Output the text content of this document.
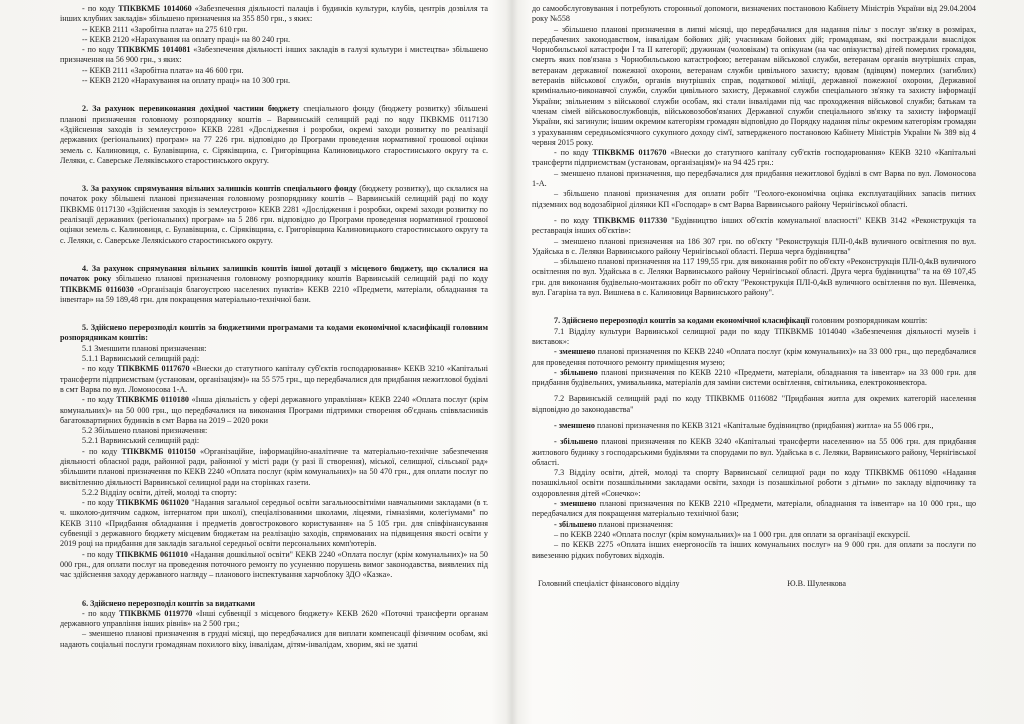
- по коду ТПКВКМБ 1014060 «Забезпечення діяльності палаців і будинків культури, клубів, центрів дозвілля та інших клубних закладів» збільшено призначення на 355 850 грн., з яких:

-- КЕКВ 2111 «Заробітна плата» на 275 610 грн.

-- КЕКВ 2120 «Нарахування на оплату праці» на 80 240 грн.

- по коду ТПКВКМБ 1014081 «Забезпечення діяльності інших закладів в галузі культури і мистецтва» збільшено призначення на 56 900 грн., з яких:

-- КЕКВ 2111 «Заробітна плата» на 46 600 грн.

-- КЕКВ 2120 «Нарахування на оплату праці» на 10 300 грн.

2. За рахунок перевиконання дохідної частини бюджету спеціального фонду (бюджету розвитку) збільшені планові призначення головному розпоряднику коштів – Варвинській селищній раді по коду ПКВКМБ 0117130 «Здійснення заходів із землеустрою» КЕКВ 2281 «Дослідження і розробки, окремі заходи розвитку по реалізації державних (регіональних) програм» на 77 226 грн. відповідно до Програми проведення нормативної грошової оцінки земель с. Калиновиця, с. Булавівщина, с. Сіряківщина, с. Григорівщина Калиновицького старостинського округу та с. Леляки, с. Саверське Леляківського старостинського округу.

3. За рахунок спрямування вільних залишків коштів спеціального фонду (бюджету розвитку), що склалися на початок року збільшені планові призначення головному розпоряднику коштів – Варвинській селищній раді по коду ПКВКМБ 0117130 «Здійснення заходів із землеустрою» КЕКВ 2281 «Дослідження і розробки, окремі заходи розвитку по реалізації державних (регіональних) програм» на 5 286 грн. відповідно до Програми проведення нормативної грошової оцінки земель с. Калиновиця, с. Булавівщина, с. Сіряківщина, с. Григорівщина Калиновицького старостинського округу та с. Леляки, с. Саверське Лелякіського старостинського округу.

4. За рахунок спрямування вільних залишків коштів іншої дотації з місцевого бюджету, що склалися на початок року збільшено планові призначення головному розпоряднику коштів Варвинській селищній раді по коду ТПКВКМБ 0116030 «Організація благоустрою населених пунктів» КЕКВ 2210 «Предмети, матеріали, обладнання та інвентар» на 59 189,48 грн. для покращення матеріально-технічної бази.

5. Здійснено перерозподіл коштів за бюджетними програмами та кодами економічної класифікації головним розпорядникам коштів:

5.1 Зменшити планові призначення:

5.1.1 Варвинський селищній раді:

- по коду ТПКВКМБ 0117670 «Внески до статутного капіталу суб'єктів господарювання» КЕКВ 3210 «Капітальні трансферти підприємствам (установам, організаціям)» на 55 575 грн., що передбачалися для придбання нежитлової будівлі в смт Варва по вул. Ломоносова 1-А.

- по коду ТПКВКМБ 0110180 «Інша діяльність у сфері державного управління» КЕКВ 2240 «Оплата послуг (крім комунальних)» на 50 000 грн., що передбачалися на виконання Програми підтримки створення об'єднань співвласників багатоквартирних будинків в смт Варва на 2019 – 2020 роки

5.2 Збільшено планові призначення:

5.2.1 Варвинський селищній раді:

- по коду ТПКВКМБ 0110150 «Організаційне, інформаційно-аналітичне та матеріально-технічне забезпечення діяльності обласної ради, районної ради, районної у місті ради (у разі її створення), міської, селищної, сільської рад» збільшити планові призначення по КЕКВ 2240 «Оплата послуг (крім комунальних)» на 50 470 грн., для оплати послуг по висвітленню діяльності Варвинської селищної ради на сторінках газети.

5.2.2 Відділу освіти, дітей, молоді та спорту:

- по коду ТПКВКМБ 0611020 "Надання загальної середньої освіти загальноосвітніми навчальними закладами (в т. ч. школою-дитячим садком, інтернатом при школі), спеціалізованими школами, ліцеями, гімназіями, колегіумами" по КЕКВ 3110 «Придбання обладнання і предметів довгострокового користування» на 5 105 грн. для співфінансування субвенції з державного бюджету місцевим бюджетам на реалізацію заходів, спрямованих на підвищення якості освіти у 2019 році на придбання для закладів загальної середньої освіти персональних комп'ютерів.

- по коду ТПКВКМБ 0611010 «Надання дошкільної освіти" КЕКВ 2240 «Оплата послуг (крім комунальних)» на 50 000 грн., для оплати послуг на проведення поточного ремонту по усуненню порушень вимог законодавства, виявлених під час здійснення заходу державного нагляду – планового інспектування харчоблоку ЗДО «Казка».

6. Здійснено перерозподіл коштів за видатками

- по коду ТПКВКМБ 0119770 «Інші субвенції з місцевого бюджету» КЕКВ 2620 «Поточні трансферти органам державного управління інших рівнів» на 2 500 грн.;

– зменшено планові призначення в грудні місяці, що передбачалися для виплати компенсації фізичним особам, які надають соціальні послуги громадянам похилого віку, інвалідам, дітям-інвалідам, хворим, які не здатні

до самообслуговування і потребують сторонньої допомоги, визначених постановою Кабінету Міністрів України від 29.04.2004 року №558

– збільшено планові призначення в липні місяці, що передбачалися для надання пільг з послуг зв'язку в розмірах, передбачених законодавством, інвалідам бойових дій; учасникам бойових дій; громадянам, які постраждали внаслідок Чорнобильської катастрофи І та ІІ категорії; дружинам (чоловікам) та опікунам (на час опікунства) дітей померлих громадян, смерть яких пов'язана з Чорнобильською катастрофою; ветеранам військової служби, ветеранам органів внутрішніх справ, ветеранам державної пожежної охорони, ветеранам служби цивільного захисту; вдовам (вдівцям) померлих (загиблих) ветеранів військової служби, органів внутрішніх справ, податкової міліції, державної пожежної охорони, Державної кримінально-виконавчої служби, служби цивільного захисту, Державної служби спеціального зв'язку та захисту інформації України; звільненим з військової служби особам, які стали інвалідами під час проходження військової служби; батькам та членам сімей військовослужбовців, військовозобов'язаних Державної служби спеціального зв'язку та захисту інформації України, які загинули; іншим окремим категоріям громадян відповідно до Порядку надання пільг окремим категоріям громадян з урахуванням середньомісячного сукупного доходу сім'ї, затвердженого постановою Кабінету Міністрів України № 389 від 4 червня 2015 року.

- по коду ТПКВКМБ 0117670 «Внески до статутного капіталу суб'єктів господарювання» КЕКВ 3210 «Капітальні трансферти підприємствам (установам, організаціям)» на 94 425 грн.:

– зменшено планові призначення, що передбачалися для придбання нежитлової будівлі в смт Варва по вул. Ломоносова 1-А.

– збільшено планові призначення для оплати робіт "Геолого-економічна оцінка експлуатаційних запасів питних підземних вод водозабірної ділянки КП «Господар» в смт Варва Варвинського району Чернігівської області.

- по коду ТПКВКМБ 0117330 "Будівництво інших об'єктів комунальної власності" КЕКВ 3142 «Реконструкція та реставрація інших об'єктів»:

– зменшено планові призначення на 186 307 грн. по об'єкту "Реконструкція ПЛІ-0,4кВ вуличного освітлення по вул. Удайська в с. Леляки Варвинського району Чернігівської області. Перша черга будівництва"

– збільшено планові призначення на 117 199,55 грн. для виконання робіт по об'єкту «Реконструкція ПЛІ-0,4кВ вуличного освітлення по вул. Удайська в с. Леляки Варвинського району Чернігівської області. Друга черга будівництва" та на 69 107,45 грн. для виконання будівельно-монтажних робіт по об'єкту "Реконструкція ПЛІ-0,4кВ вуличного освітлення по вул. Шевченка, вул. Гагаріна та вул. Вишнева в с. Калиновиця Варвинського району".

7. Здійснено перерозподіл коштів за кодами економічної класифікації головним розпорядникам коштів:

7.1 Відділу культури Варвинської селищної ради по коду ТПКВКМБ 1014040 «Забезпечення діяльності музеїв і виставок»:

- зменшено планові призначення по КЕКВ 2240 «Оплата послуг (крім комунальних)» на 33 000 грн., що передбачалися для проведення поточного ремонту приміщення музею;

- збільшено планові призначення по КЕКВ 2210 «Предмети, матеріали, обладнання та інвентар» на 33 000 грн. для придбання будівельних, умивальника, матеріалів для заміни системи освітлення, світильника, електроконвектора.

7.2 Варвинській селищній раді по коду ТПКВКМБ 0116082 "Придбання житла для окремих категорій населення відповідно до законодавства"

- зменшено планові призначення по КЕКВ 3121 «Капітальне будівництво (придбання) житла» на 55 006 грн.,

- збільшено планові призначення по КЕКВ 3240 «Капітальні трансферти населенню» на 55 006 грн. для придбання житлового будинку з господарськими будівлями та спорудами по вул. Удайська в с. Леляки, Варвинського району, Чернігівської області.

7.3 Відділу освіти, дітей, молоді та спорту Варвинської селищної ради по коду ТПКВКМБ 0611090 «Надання позашкільної освіти позашкільними закладами освіти, заходи із позашкільної роботи з дітьми» по закладу відпочинку та оздоровлення дітей «Сонечко»:

- зменшено планові призначення по КЕКВ 2210 «Предмети, матеріали, обладнання та інвентар» на 10 000 грн., що передбачалися для покращення матеріально технічної бази;

- збільшено планові призначення:

– по КЕКВ 2240 «Оплата послуг (крім комунальних)» на 1 000 грн. для оплати за організації екскурсії.

– по КЕКВ 2275 «Оплата інших енергоносіїв та інших комунальних послуг» на 9 000 грн. для оплати за послуги по вивезенню рідких побутових відходів.

Головний спеціаліст фінансового відділу	Ю.В. Шуленкова
